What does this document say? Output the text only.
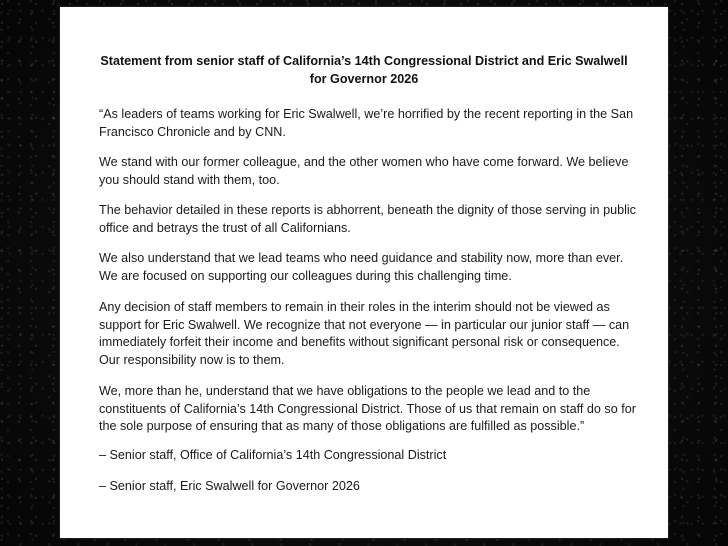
Statement from senior staff of California’s 14th Congressional District and Eric Swalwell
for Governor 2026

“As leaders of teams working for Eric Swalwell, we’re horrified by the recent reporting in the San Francisco Chronicle and by CNN.

We stand with our former colleague, and the other women who have come forward. We believe you should stand with them, too.

The behavior detailed in these reports is abhorrent, beneath the dignity of those serving in public office and betrays the trust of all Californians.

We also understand that we lead teams who need guidance and stability now, more than ever. We are focused on supporting our colleagues during this challenging time.

Any decision of staff members to remain in their roles in the interim should not be viewed as support for Eric Swalwell. We recognize that not everyone — in particular our junior staff — can immediately forfeit their income and benefits without significant personal risk or consequence. Our responsibility now is to them.

We, more than he, understand that we have obligations to the people we lead and to the constituents of California’s 14th Congressional District. Those of us that remain on staff do so for the sole purpose of ensuring that as many of those obligations are fulfilled as possible.”

– Senior staff, Office of California’s 14th Congressional District

– Senior staff, Eric Swalwell for Governor 2026
